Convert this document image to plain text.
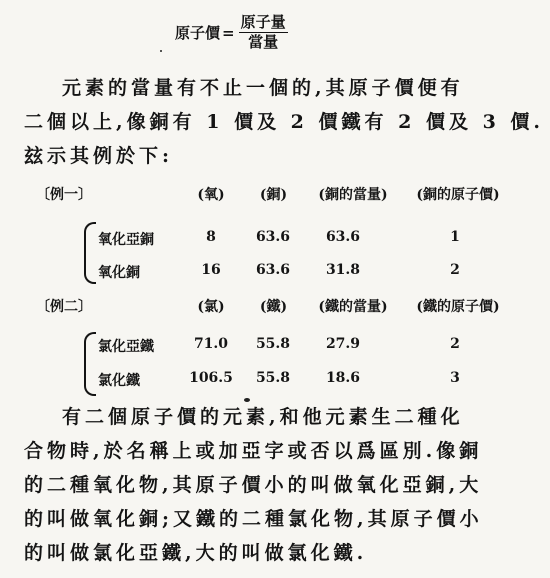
原子價 = $\frac{\text{原子量}}{\text{當量}}$
元素的當量有不止一個的,其原子價便有
二個以上,像銅有 1 價及 2 價鐵有 2 價及 3 價.
玆示其例於下:
〔例一〕	(氧)	(銅)	(銅的當量)	(銅的原子價)
氧化亞銅	8	63.6	63.6	1
氧化銅	16	63.6	31.8	2
〔例二〕	(氯)	(鐵)	(鐵的當量)	(鐵的原子價)
氯化亞鐵	71.0	55.8	27.9	2
氯化鐵	106.5	55.8	18.6	3
有二個原子價的元素,和他元素生二種化
合物時,於名稱上或加亞字或否以爲區別.像銅
的二種氧化物,其原子價小的叫做氧化亞銅,大
的叫做氧化銅;又鐵的二種氯化物,其原子價小
的叫做氯化亞鐵,大的叫做氯化鐵.
